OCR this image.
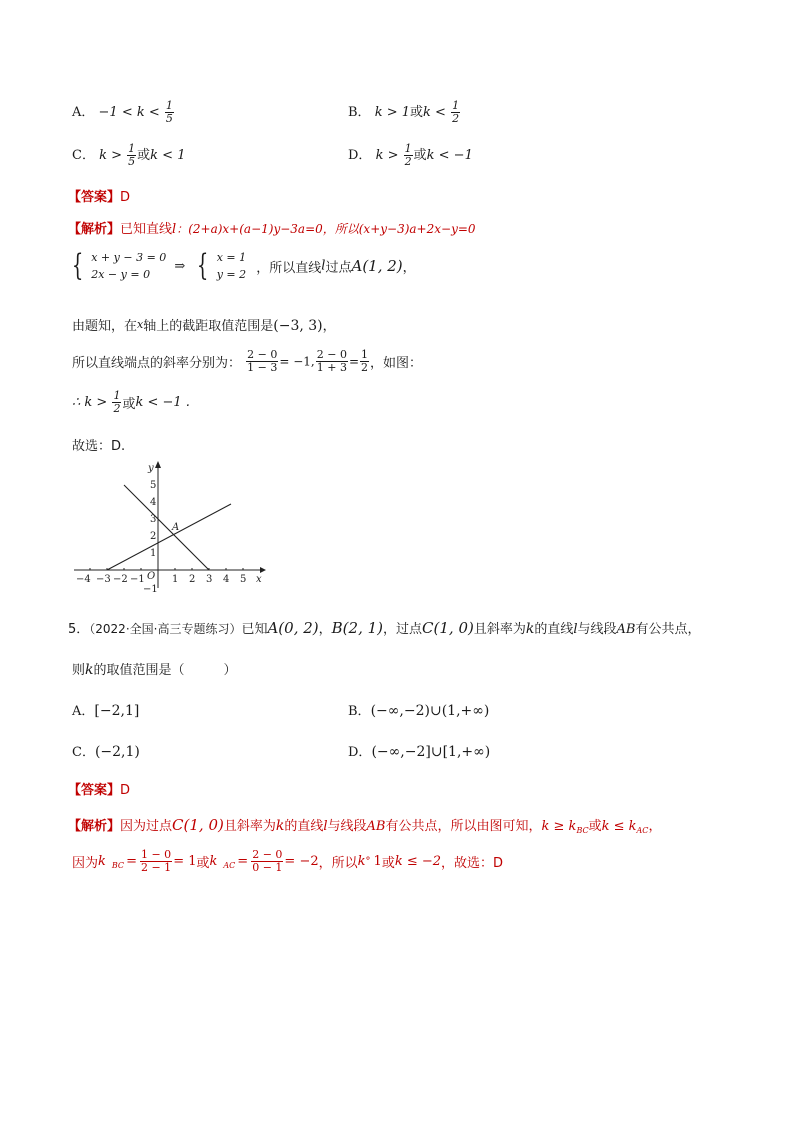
A． $-1 < k < \frac{1}{5}$	B． k > 1或$k < \frac{1}{2}$
C． $k > \frac{1}{5}$ 或k < 1	D． $k > \frac{1}{2}$ 或k < −1
【答案】D
【解析】已知直线l：(2+a)x+(a−1)y−3a=0，所以(x+y−3)a+2x−y=0
{ x + y − 3 = 0
2x − y = 0
⇒ { x = 1
y = 2 ，所以直线l过点A(1, 2)，
由题知，在x轴上的截距取值范围是(−3, 3)，
所以直线端点的斜率分别为： $\frac{2 - 0}{1 - 3} = -1$, $\frac{2 - 0}{1 + 3} = \frac{1}{2}$ ，如图：
∴ $k > \frac{1}{2}$ 或k < −1 .
故选：D.
−4 −3 −2 −1	1 2 3 4 5
5
4
3
2
1
−1
O
y
x
A
5．（2022·全国·高三专题练习）已知A(0, 2)，B(2, 1)，过点C(1, 0)且斜率为k的直线l与线段AB有公共点，
则k的取值范围是（　　　）
A．[−2,1]	B．(−∞,−2)∪(1,+∞)
C．(−2,1)	D．(−∞,−2]∪[1,+∞)
【答案】D
【解析】因为过点C(1, 0)且斜率为k的直线l与线段AB有公共点，所以由图可知，$k \ge k_{BC}$或$k \le k_{AC}$，
因为k $_{BC} = \frac{1 - 0}{2 - 1} = 1$或k $_{AC} = \frac{2 - 0}{0 - 1} = -2$，所以k° 1或k ≤ −2，故选：D
